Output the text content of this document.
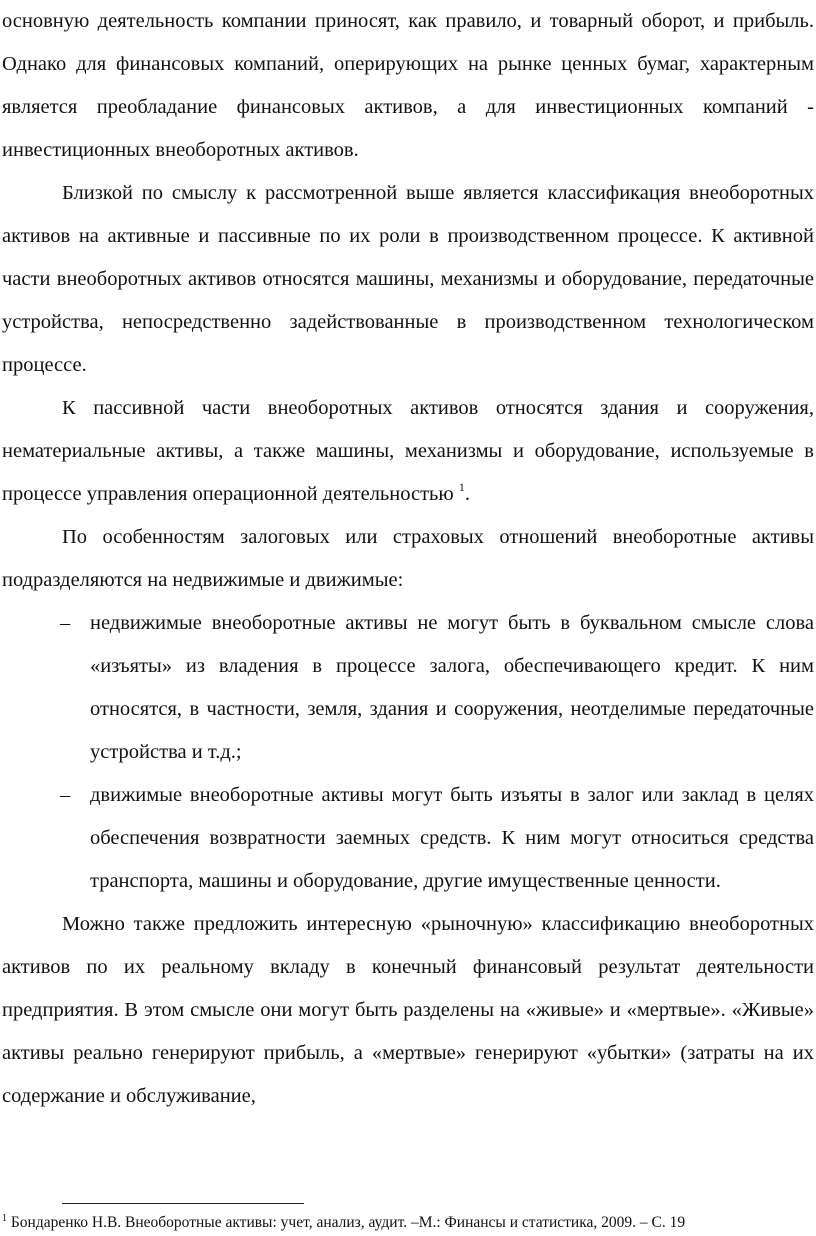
основную деятельность компании приносят, как правило, и товарный оборот, и прибыль. Однако для финансовых компаний, оперирующих на рынке ценных бумаг, характерным является преобладание финансовых активов, а для инвестиционных компаний - инвестиционных внеоборотных активов.

Близкой по смыслу к рассмотренной выше является классификация внеоборотных активов на активные и пассивные по их роли в производственном процессе. К активной части внеоборотных активов относятся машины, механизмы и оборудование, передаточные устройства, непосредственно задействованные в производственном технологическом процессе.

К пассивной части внеоборотных активов относятся здания и сооружения, нематериальные активы, а также машины, механизмы и оборудование, используемые в процессе управления операционной деятельностью $^1$.

По особенностям залоговых или страховых отношений внеоборотные активы подразделяются на недвижимые и движимые:

– недвижимые внеоборотные активы не могут быть в буквальном смысле слова «изъяты» из владения в процессе залога, обеспечивающего кредит. К ним относятся, в частности, земля, здания и сооружения, неотделимые передаточные устройства и т.д.;
– движимые внеоборотные активы могут быть изъяты в залог или заклад в целях обеспечения возвратности заемных средств. К ним могут относиться средства транспорта, машины и оборудование, другие имущественные ценности.

Можно также предложить интересную «рыночную» классификацию внеоборотных активов по их реальному вкладу в конечный финансовый результат деятельности предприятия. В этом смысле они могут быть разделены на «живые» и «мертвые». «Живые» активы реально генерируют прибыль, а «мертвые» генерируют «убытки» (затраты на их содержание и обслуживание,

$^1$ Бондаренко Н.В. Внеоборотные активы: учет, анализ, аудит. –М.: Финансы и статистика, 2009. – С. 19
